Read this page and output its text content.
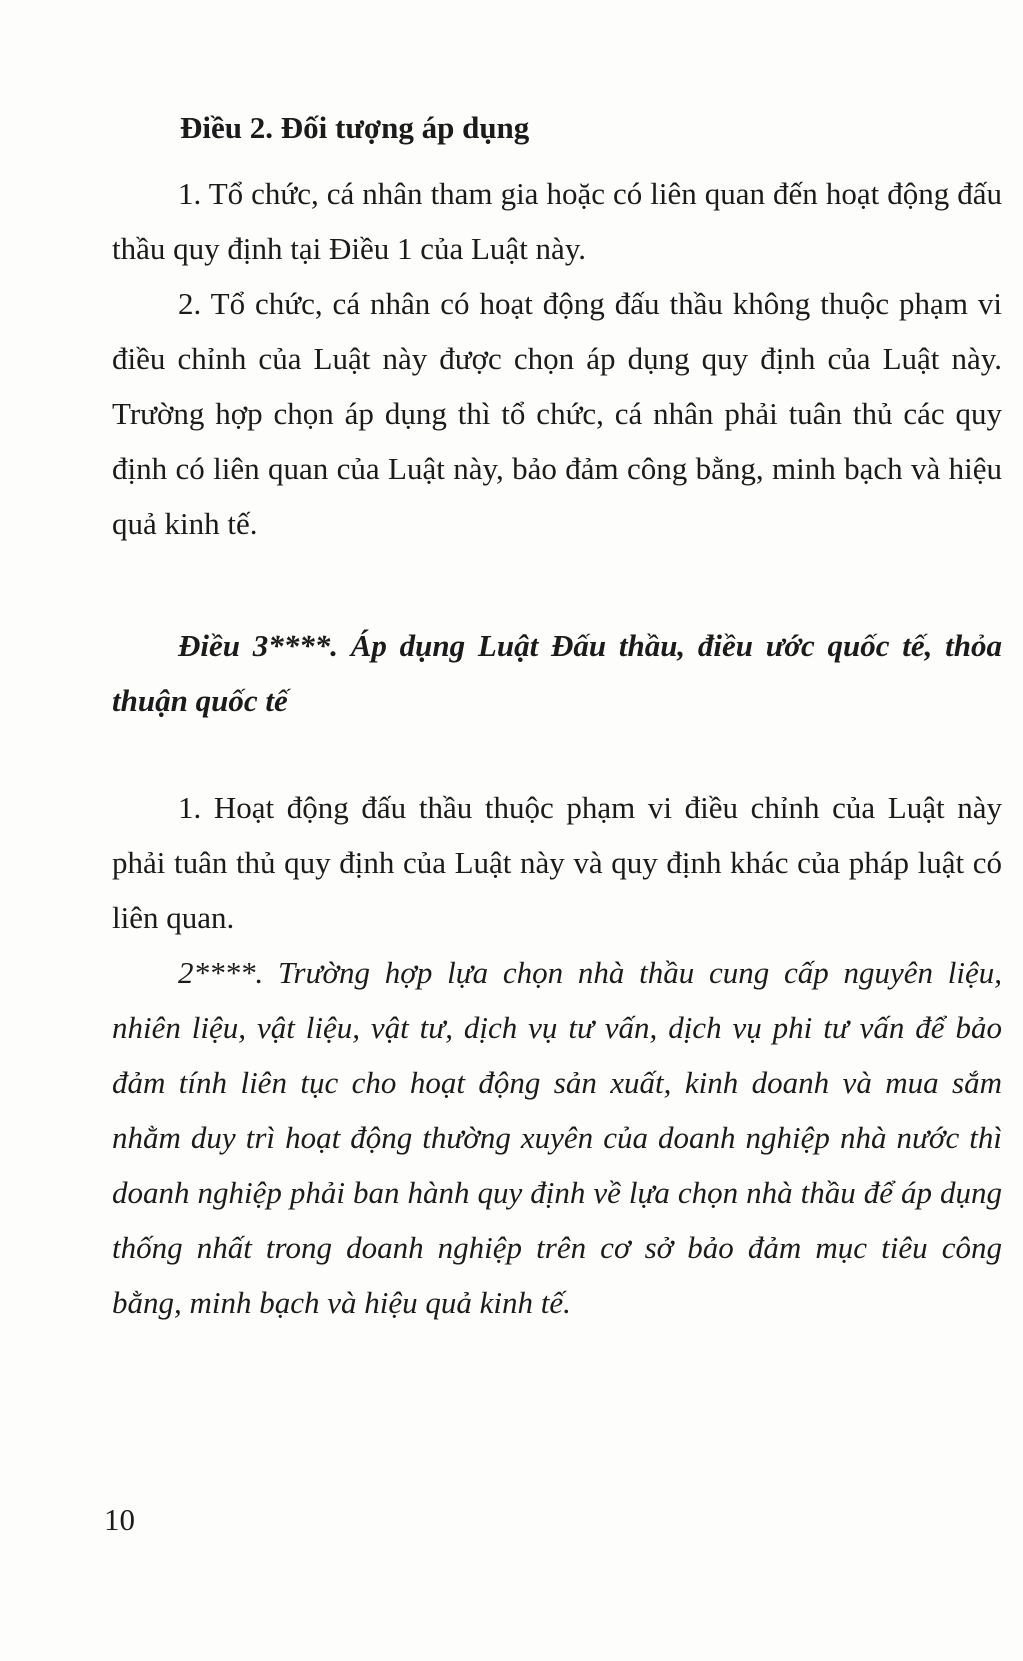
Điều 2. Đối tượng áp dụng

1. Tổ chức, cá nhân tham gia hoặc có liên quan đến hoạt động đấu thầu quy định tại Điều 1 của Luật này.

2. Tổ chức, cá nhân có hoạt động đấu thầu không thuộc phạm vi điều chỉnh của Luật này được chọn áp dụng quy định của Luật này. Trường hợp chọn áp dụng thì tổ chức, cá nhân phải tuân thủ các quy định có liên quan của Luật này, bảo đảm công bằng, minh bạch và hiệu quả kinh tế.

Điều 3****. Áp dụng Luật Đấu thầu, điều ước quốc tế, thỏa thuận quốc tế

1. Hoạt động đấu thầu thuộc phạm vi điều chỉnh của Luật này phải tuân thủ quy định của Luật này và quy định khác của pháp luật có liên quan.

2****. Trường hợp lựa chọn nhà thầu cung cấp nguyên liệu, nhiên liệu, vật liệu, vật tư, dịch vụ tư vấn, dịch vụ phi tư vấn để bảo đảm tính liên tục cho hoạt động sản xuất, kinh doanh và mua sắm nhằm duy trì hoạt động thường xuyên của doanh nghiệp nhà nước thì doanh nghiệp phải ban hành quy định về lựa chọn nhà thầu để áp dụng thống nhất trong doanh nghiệp trên cơ sở bảo đảm mục tiêu công bằng, minh bạch và hiệu quả kinh tế.

10
